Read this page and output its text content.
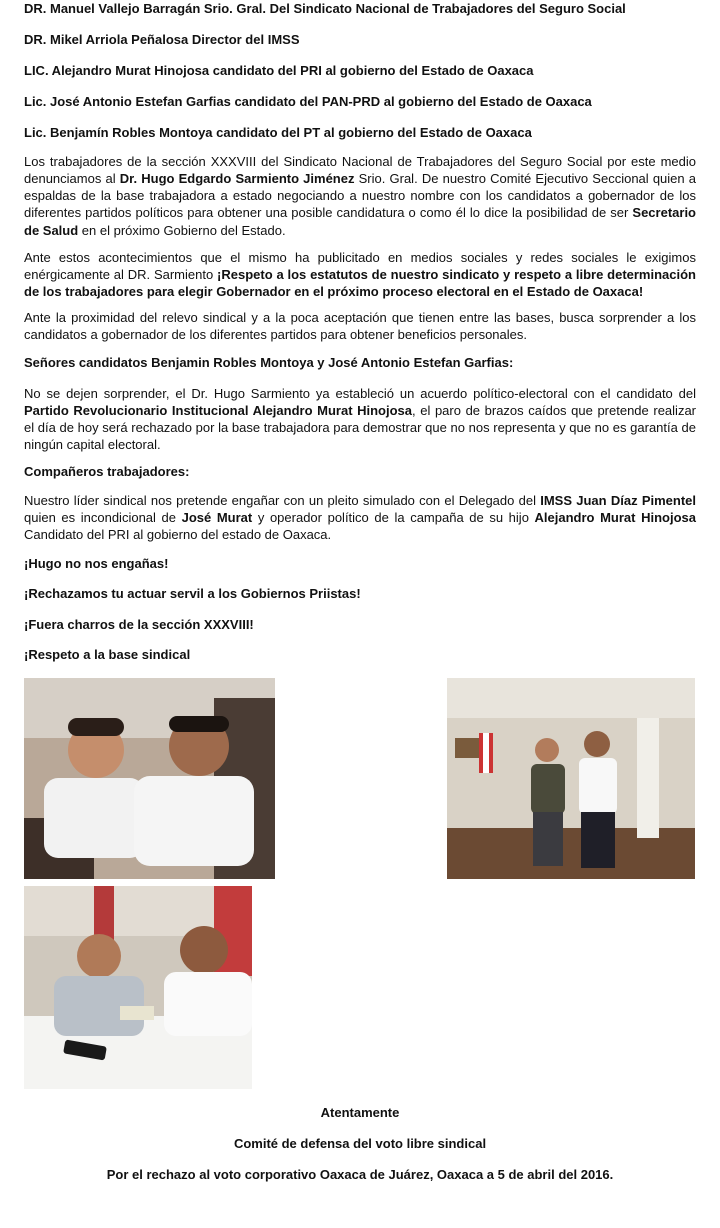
DR. Manuel Vallejo Barragán Srio. Gral. Del Sindicato Nacional de Trabajadores del Seguro Social

DR. Mikel Arriola Peñalosa Director del IMSS

LIC. Alejandro Murat Hinojosa candidato del PRI al gobierno del Estado de Oaxaca

Lic. José Antonio Estefan Garfias candidato del PAN-PRD al gobierno del Estado de Oaxaca

Lic. Benjamín Robles Montoya candidato del PT al gobierno del Estado de Oaxaca

Los trabajadores de la sección XXXVIII del Sindicato Nacional de Trabajadores del Seguro Social por este medio denunciamos al Dr. Hugo Edgardo Sarmiento Jiménez Srio. Gral. De nuestro Comité Ejecutivo Seccional quien a espaldas de la base trabajadora a estado negociando a nuestro nombre con los candidatos a gobernador de los diferentes partidos políticos para obtener una posible candidatura o como él lo dice la posibilidad de ser Secretario de Salud en el próximo Gobierno del Estado.

Ante estos acontecimientos que el mismo ha publicitado en medios sociales y redes sociales le exigimos enérgicamente al DR. Sarmiento ¡Respeto a los estatutos de nuestro sindicato y respeto a libre determinación de los trabajadores para elegir Gobernador en el próximo proceso electoral en el Estado de Oaxaca!

Ante la proximidad del relevo sindical y a la poca aceptación que tienen entre las bases, busca sorprender a los candidatos a gobernador de los diferentes partidos para obtener beneficios personales.

Señores candidatos Benjamin Robles Montoya y José Antonio Estefan Garfias:

No se dejen sorprender, el Dr. Hugo Sarmiento ya estableció un acuerdo político-electoral con el candidato del Partido Revolucionario Institucional Alejandro Murat Hinojosa, el paro de brazos caídos que pretende realizar el día de hoy será rechazado por la base trabajadora para demostrar que no nos representa y que no es garantía de ningún capital electoral.

Compañeros trabajadores:

Nuestro líder sindical nos pretende engañar con un pleito simulado con el Delegado del IMSS Juan Díaz Pimentel quien es incondicional de José Murat y operador político de la campaña de su hijo Alejandro Murat Hinojosa Candidato del PRI al gobierno del estado de Oaxaca.

¡Hugo no nos engañas!

¡Rechazamos tu actuar servil a los Gobiernos Priistas!

¡Fuera charros de la sección XXXVIII!

¡Respeto a la base sindical

Atentamente

Comité de defensa del voto libre sindical

Por el rechazo al voto corporativo Oaxaca de Juárez, Oaxaca a 5 de abril del 2016.
